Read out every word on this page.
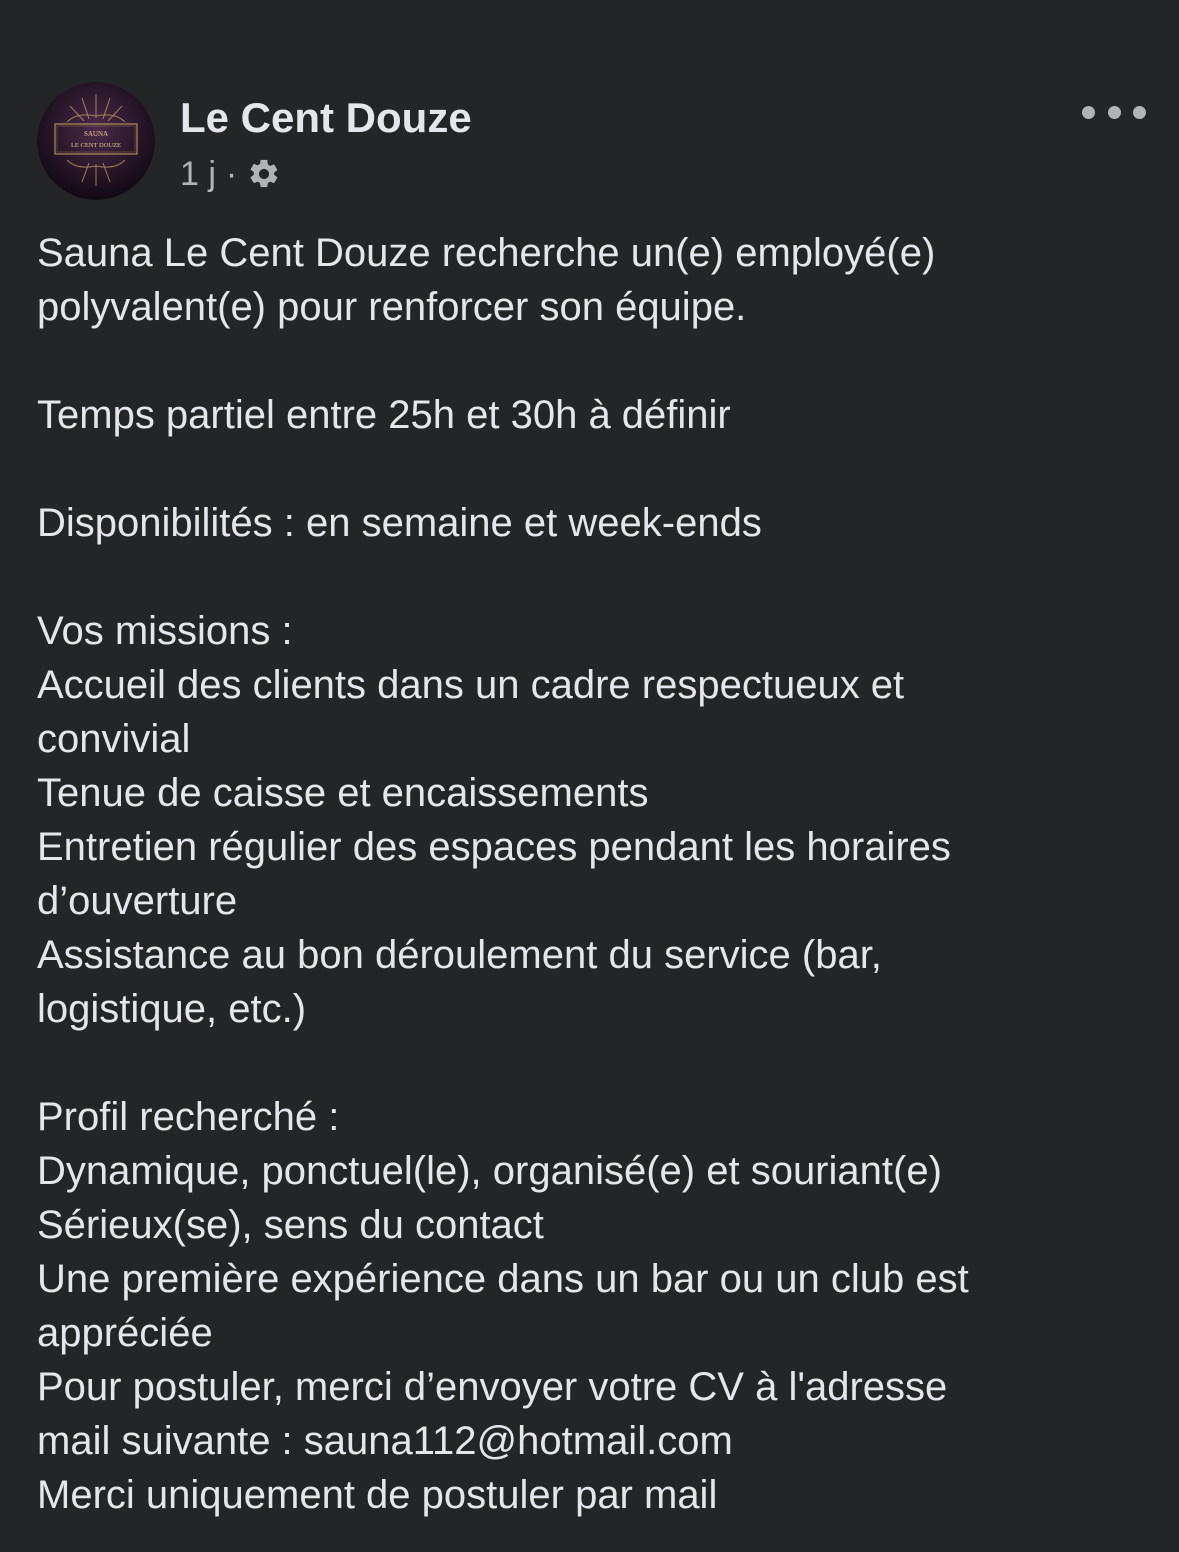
SAUNA
LE CENT DOUZE
Le Cent Douze
1 j ·

Sauna Le Cent Douze recherche un(e) employé(e)

polyvalent(e) pour renforcer son équipe.

Temps partiel entre 25h et 30h à définir

Disponibilités : en semaine et week-ends

Vos missions :

Accueil des clients dans un cadre respectueux et

convivial

Tenue de caisse et encaissements

Entretien régulier des espaces pendant les horaires

d’ouverture

Assistance au bon déroulement du service (bar,

logistique, etc.)

Profil recherché :

Dynamique, ponctuel(le), organisé(e) et souriant(e)

Sérieux(se), sens du contact

Une première expérience dans un bar ou un club est

appréciée

Pour postuler, merci d’envoyer votre CV à l'adresse

mail suivante : sauna112@hotmail.com

Merci uniquement de postuler par mail
